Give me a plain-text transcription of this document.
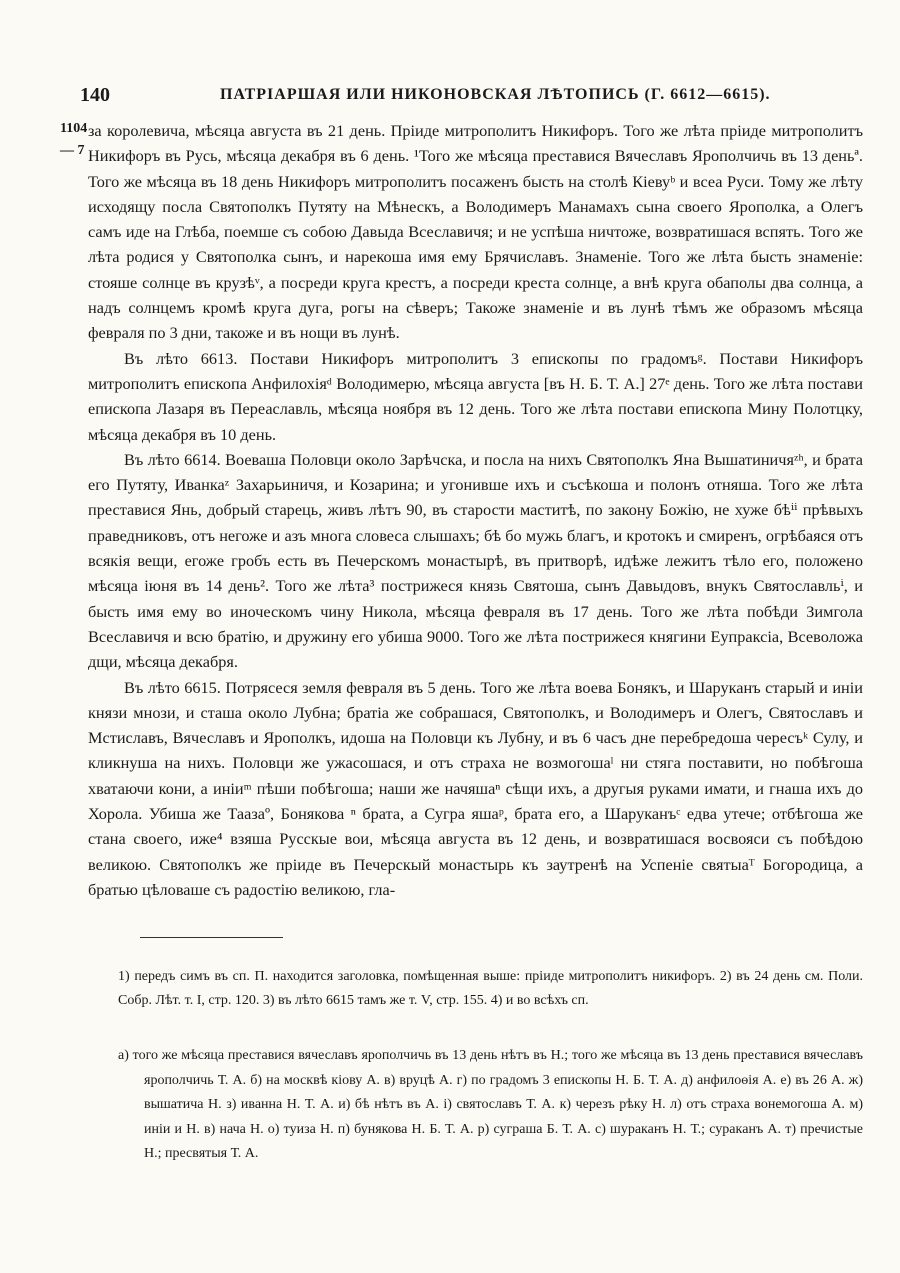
140	ПАТРІАРШАЯ ИЛИ НИКОНОВСКАЯ ЛѢТОПИСЬ (Г. 6612—6615).
1104
— 7

за королевича, мѣсяца августа въ 21 день. Пріиде митрополитъ Никифоръ. Того же лѣта пріиде митрополитъ Никифоръ въ Русь, мѣсяца декабря въ 6 день. ¹Того же мѣсяца преставися Вячеславъ Ярополчичь въ 13 деньª. Того же мѣсяца въ 18 день Никифоръ митрополитъ посаженъ бысть на столѣ Кіевуᵇ и всеа Руси. Тому же лѣту исходящу посла Святополкъ Путяту на Мѣнескъ, а Володимеръ Манамахъ сына своего Ярополка, а Олегъ самъ иде на Глѣба, поемше съ собою Давыда Всеславичя; и не успѣша ничтоже, возвратишася вспять. Того же лѣта родися у Святополка сынъ, и нарекоша имя ему Брячиславъ. Знаменіе. Того же лѣта бысть знаменіе: стояше солнце въ крузѣᵛ, а посреди круга крестъ, а посреди креста солнце, а внѣ круга обаполы два солнца, а надъ солнцемъ кромѣ круга дуга, рогы на сѣверъ; Такоже знаменіе и въ лунѣ тѣмъ же образомъ мѣсяца февраля по 3 дни, такоже и въ нощи въ лунѣ.

Въ лѣто 6613. Постави Никифоръ митрополитъ 3 епископы по градомъᵍ. Постави Никифоръ митрополитъ епископа Анфилохіяᵈ Володимерю, мѣсяца августа [въ Н. Б. Т. А.] 27ᵉ день. Того же лѣта постави епископа Лазаря въ Переаславль, мѣсяца ноября въ 12 день. Того же лѣта постави епископа Мину Полотцку, мѣсяца декабря въ 10 день.

Въ лѣто 6614. Воеваша Половци около Зарѣчска, и посла на нихъ Святополкъ Яна Вышатиничяᶻʰ, и брата его Путяту, Иванкаᶻ Захарьиничя, и Козарина; и угонивше ихъ и съсѣкоша и полонъ отняша. Того же лѣта преставися Янь, добрый старець, живъ лѣтъ 90, въ старости маститѣ, по закону Божію, не хуже бѣⁱⁱ прѣвыхъ праведниковъ, отъ негоже и азъ многа словеса слышахъ; бѣ бо мужь благъ, и кротокъ и смиренъ, огрѣбаяся отъ всякія вещи, егоже гробъ есть въ Печерскомъ монастырѣ, въ притворѣ, идѣже лежитъ тѣло его, положено мѣсяца іюня въ 14 день². Того же лѣта³ пострижеся князь Святоша, сынъ Давыдовъ, внукъ Святославльⁱ, и бысть имя ему во иноческомъ чину Никола, мѣсяца февраля въ 17 день. Того же лѣта побѣди Зимгола Всеславичя и всю братію, и дружину его убиша 9000. Того же лѣта пострижеся княгини Еупраксіа, Всеволожа дщи, мѣсяца декабря.

Въ лѣто 6615. Потрясеся земля февраля въ 5 день. Того же лѣта воева Бонякъ, и Шаруканъ старый и иніи князи мнози, и сташа около Лубна; братіа же собрашася, Святополкъ, и Володимеръ и Олегъ, Святославъ и Мстиславъ, Вячеславъ и Ярополкъ, идоша на Половци къ Лубну, и въ 6 часъ дне перебредоша чересъᵏ Сулу, и кликнуша на нихъ. Половци же ужасошася, и отъ страха не возмогошаˡ ни стяга поставити, но побѣгоша хватаючи кони, а иніиᵐ пѣши побѣгоша; наши же начяшаⁿ сѣщи ихъ, а другыя руками имати, и гнаша ихъ до Хорола. Убиша же Таазаº, Бонякова ⁿ брата, а Сугра яшаᵖ, брата его, а Шаруканъᶜ едва утече; отбѣгоша же стана своего, иже⁴ взяша Русскые вои, мѣсяца августа въ 12 день, и возвратишася восвояси съ побѣдою великою. Святополкъ же пріиде въ Печерскый монастырь къ заутренѣ на Успеніе святыаᵀ Богородица, а братью цѣловаше съ радостію великою, гла-

1) передъ симъ въ сп. П. находится заголовка, помѣщенная выше: пріиде митрополитъ никифоръ. 2) въ 24 день см. Поли. Собр. Лѣт. т. I, стр. 120. 3) въ лѣто 6615 тамъ же т. V, стр. 155. 4) и во всѣхъ сп.

а) того же мѣсяца преставися вячеславъ ярополчичь въ 13 день нѣтъ въ Н.; того же мѣсяца въ 13 день преставися вячеславъ ярополчичь Т. А. б) на москвѣ кіову А. в) вруцѣ А. г) по градомъ 3 епископы Н. Б. Т. А. д) анфилоѳія А. е) въ 26 А. ж) вышатича Н. з) иванна Н. Т. А. и) бѣ нѣтъ въ А. і) святославъ Т. А. к) черезъ рѣку Н. л) отъ страха вонемогоша А. м) иніи и Н. в) нача Н. о) туиза Н. п) бунякова Н. Б. Т. А. р) сугpaша Б. Т. А. с) шураканъ Н. Т.; суракaнъ А. т) пречистые Н.; пресвятыя Т. А.
